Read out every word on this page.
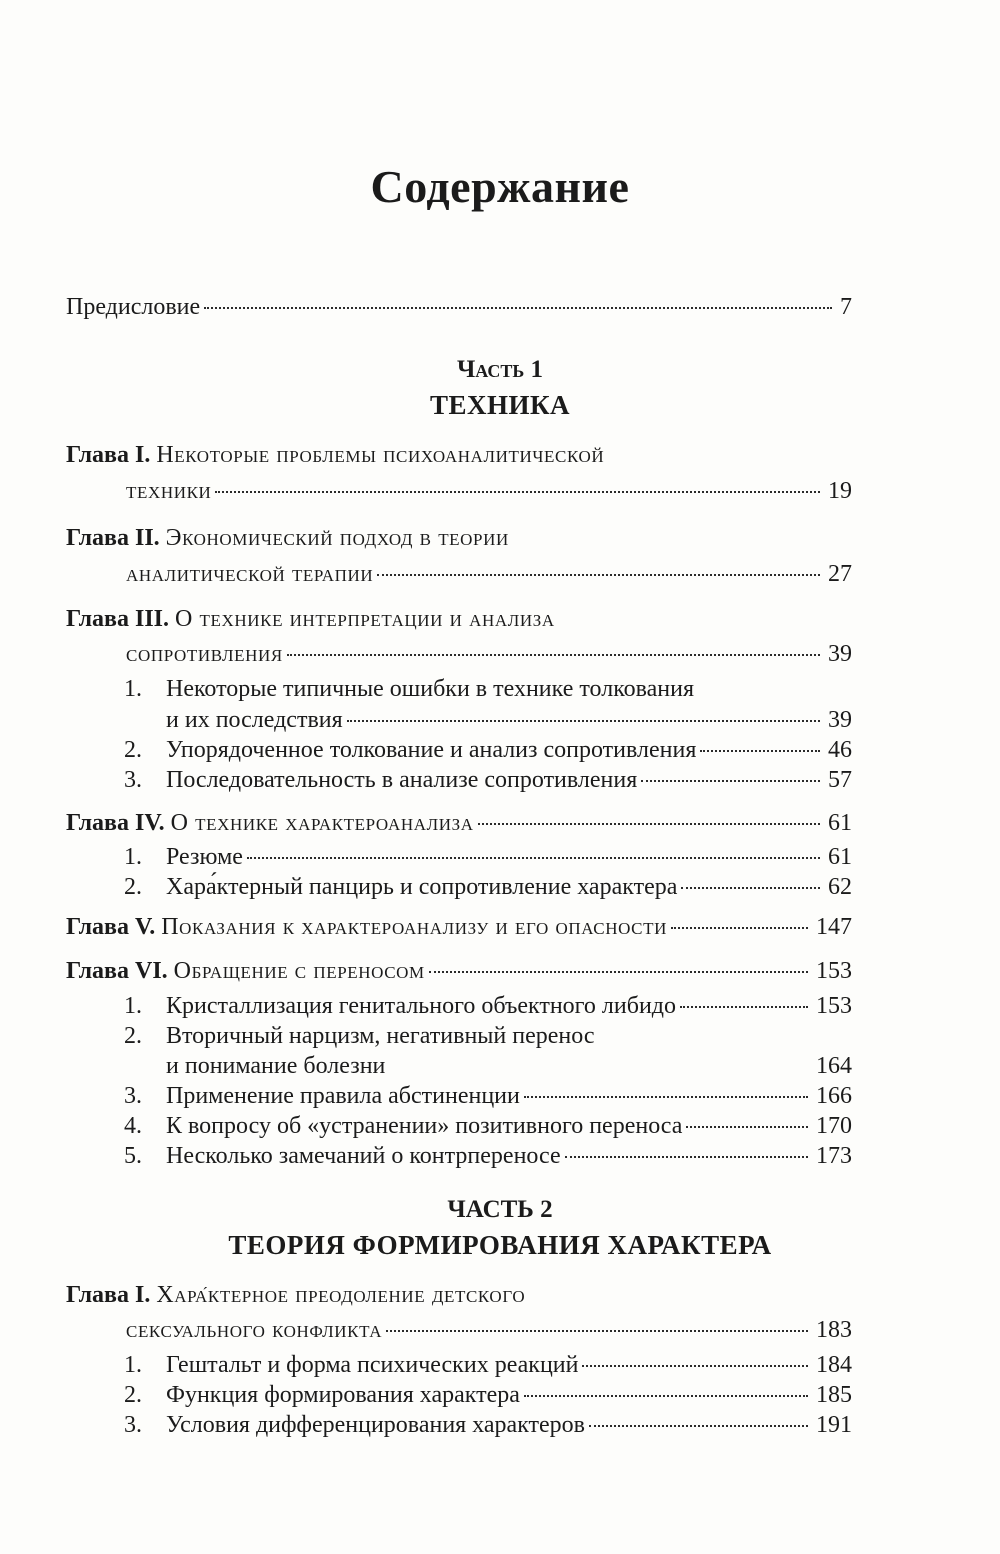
Содержание
Предисловие	7
Часть 1
ТЕХНИКА
Глава I. Некоторые проблемы психоаналитической
техники	19
Глава II. Экономический подход в теории
аналитической терапии	27
Глава III. О технике интерпретации и анализа
сопротивления	39
1. Некоторые типичные ошибки в технике толкования
и их последствия	39
2. Упорядоченное толкование и анализ сопротивления	46
3. Последовательность в анализе сопротивления	57
Глава IV. О технике характероанализа	61
1. Резюме	61
2. Хара́ктерный панцирь и сопротивление характера	62
Глава V. Показания к характероанализу и его опасности	147
Глава VI. Обращение с переносом	153
1. Кристаллизация генитального объектного либидо	153
2. Вторичный нарцизм, негативный перенос
и понимание болезни	164
3. Применение правила абстиненции	166
4. К вопросу об «устранении» позитивного переноса	170
5. Несколько замечаний о контрпереносе	173
ЧАСТЬ 2
ТЕОРИЯ ФОРМИРОВАНИЯ ХАРАКТЕРА
Глава I. Хара́ктерное преодоление детского
сексуального конфликта	183
1. Гештальт и форма психических реакций	184
2. Функция формирования характера	185
3. Условия дифференцирования характеров	191
